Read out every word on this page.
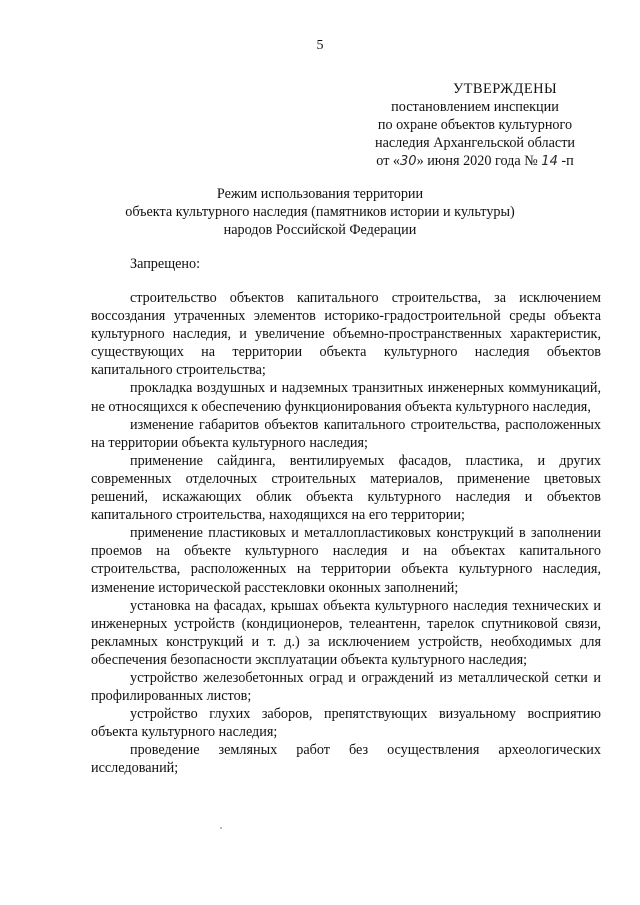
5
УТВЕРЖДЕНЫ
постановлением инспекции
по охране объектов культурного
наследия Архангельской области
от «30» июня 2020 года № 14 -п
Режим использования территории
объекта культурного наследия (памятников истории и культуры)
народов Российской Федерации
Запрещено:

строительство объектов капитального строительства, за исключением воссоздания утраченных элементов историко-градостроительной среды объекта культурного наследия, и увеличение объемно-пространственных характеристик, существующих на территории объекта культурного наследия объектов капитального строительства;

прокладка воздушных и надземных транзитных инженерных коммуникаций, не относящихся к обеспечению функционирования объекта культурного наследия,

изменение габаритов объектов капитального строительства, расположенных на территории объекта культурного наследия;

применение сайдинга, вентилируемых фасадов, пластика, и других современных отделочных строительных материалов, применение цветовых решений, искажающих облик объекта культурного наследия и объектов капитального строительства, находящихся на его территории;

применение пластиковых и металлопластиковых конструкций в заполнении проемов на объекте культурного наследия и на объектах капитального строительства, расположенных на территории объекта культурного наследия, изменение исторической расстекловки оконных заполнений;

установка на фасадах, крышах объекта культурного наследия технических и инженерных устройств (кондиционеров, телеантенн, тарелок спутниковой связи, рекламных конструкций и т. д.) за исключением устройств, необходимых для обеспечения безопасности эксплуатации объекта культурного наследия;

устройство железобетонных оград и ограждений из металлической сетки и профилированных листов;

устройство глухих заборов, препятствующих визуальному восприятию объекта культурного наследия;

проведение земляных работ без осуществления археологических исследований;
